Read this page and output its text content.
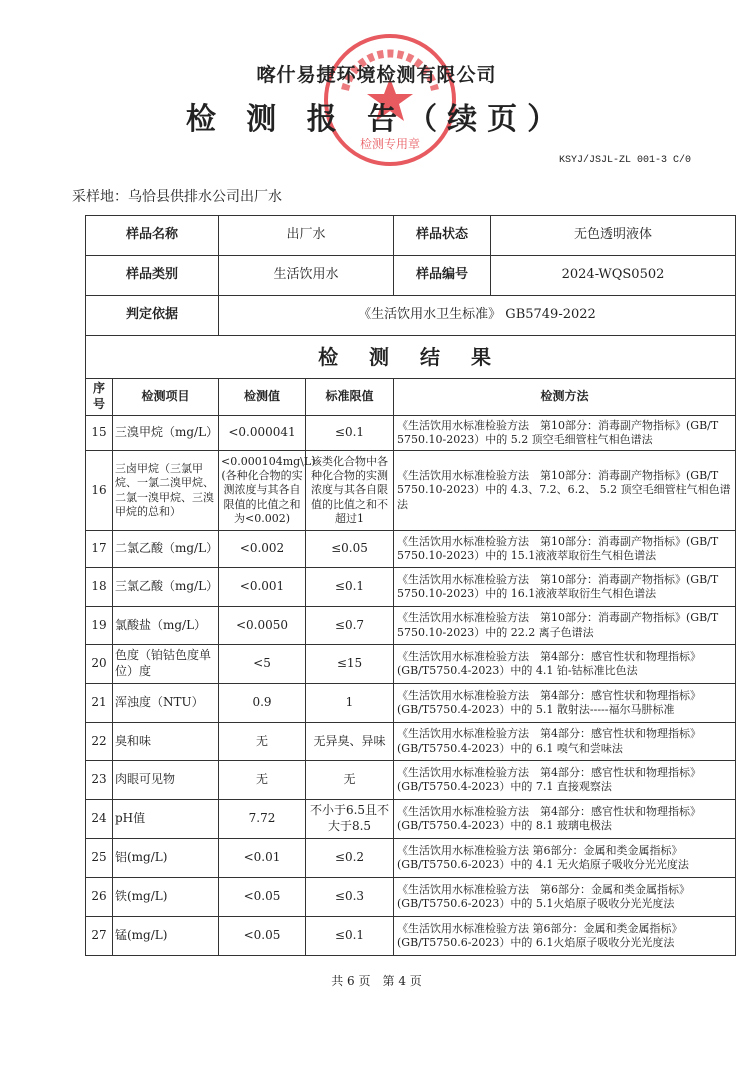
检测专用章
喀什易捷环境检测有限公司
检 测 报 告（续页）
KSYJ/JSJL-ZL 001-3 C/0
采样地：乌恰县供排水公司出厂水
样品名称	出厂水	样品状态	无色透明液体
样品类别	生活饮用水	样品编号	2024-WQS0502
判定依据	《生活饮用水卫生标准》 GB5749-2022		
检 测 结 果				
序号	检测项目	检测值	标准限值	检测方法
15	三溴甲烷（mg/L）	<0.000041	≤0.1	《生活饮用水标准检验方法　第10部分：消毒副产物指标》(GB/T 5750.10-2023）中的 5.2 顶空毛细管柱气相色谱法
16	三卤甲烷（三氯甲烷、一氯二溴甲烷、二氯一溴甲烷、三溴甲烷的总和）	<0.000104mg\L）(各种化合物的实测浓度与其各自限值的比值之和为<0.002)	该类化合物中各种化合物的实测浓度与其各自限值的比值之和不超过1	《生活饮用水标准检验方法　第10部分：消毒副产物指标》(GB/T 5750.10-2023）中的 4.3、7.2、6.2、 5.2 顶空毛细管柱气相色谱法
17	二氯乙酸（mg/L）	<0.002	≤0.05	《生活饮用水标准检验方法　第10部分：消毒副产物指标》(GB/T 5750.10-2023）中的 15.1液液萃取衍生气相色谱法
18	三氯乙酸（mg/L）	<0.001	≤0.1	《生活饮用水标准检验方法　第10部分：消毒副产物指标》(GB/T 5750.10-2023）中的 16.1液液萃取衍生气相色谱法
19	氯酸盐（mg/L）	<0.0050	≤0.7	《生活饮用水标准检验方法　第10部分：消毒副产物指标》(GB/T 5750.10-2023）中的 22.2 离子色谱法
20	色度（铂钴色度单位）度	<5	≤15	《生活饮用水标准检验方法　第4部分：感官性状和物理指标》(GB/T5750.4-2023）中的 4.1 铂-钴标准比色法
21	浑浊度（NTU）	0.9	1	《生活饮用水标准检验方法　第4部分：感官性状和物理指标》(GB/T5750.4-2023）中的 5.1 散射法-----福尔马肼标准
22	臭和味	无	无异臭、异味	《生活饮用水标准检验方法　第4部分：感官性状和物理指标》(GB/T5750.4-2023）中的 6.1 嗅气和尝味法
23	肉眼可见物	无	无	《生活饮用水标准检验方法　第4部分：感官性状和物理指标》(GB/T5750.4-2023）中的 7.1 直接观察法
24	pH值	7.72	不小于6.5且不大于8.5	《生活饮用水标准检验方法　第4部分：感官性状和物理指标》(GB/T5750.4-2023）中的 8.1 玻璃电极法
25	铝(mg/L)	<0.01	≤0.2	《生活饮用水标准检验方法 第6部分：金属和类金属指标》(GB/T5750.6-2023）中的 4.1 无火焰原子吸收分光光度法
26	铁(mg/L)	<0.05	≤0.3	《生活饮用水标准检验方法　第6部分：金属和类金属指标》(GB/T5750.6-2023）中的 5.1火焰原子吸收分光光度法
27	锰(mg/L)	<0.05	≤0.1	《生活饮用水标准检验方法 第6部分：金属和类金属指标》(GB/T5750.6-2023）中的 6.1火焰原子吸收分光光度法
共 6 页　第 4 页
